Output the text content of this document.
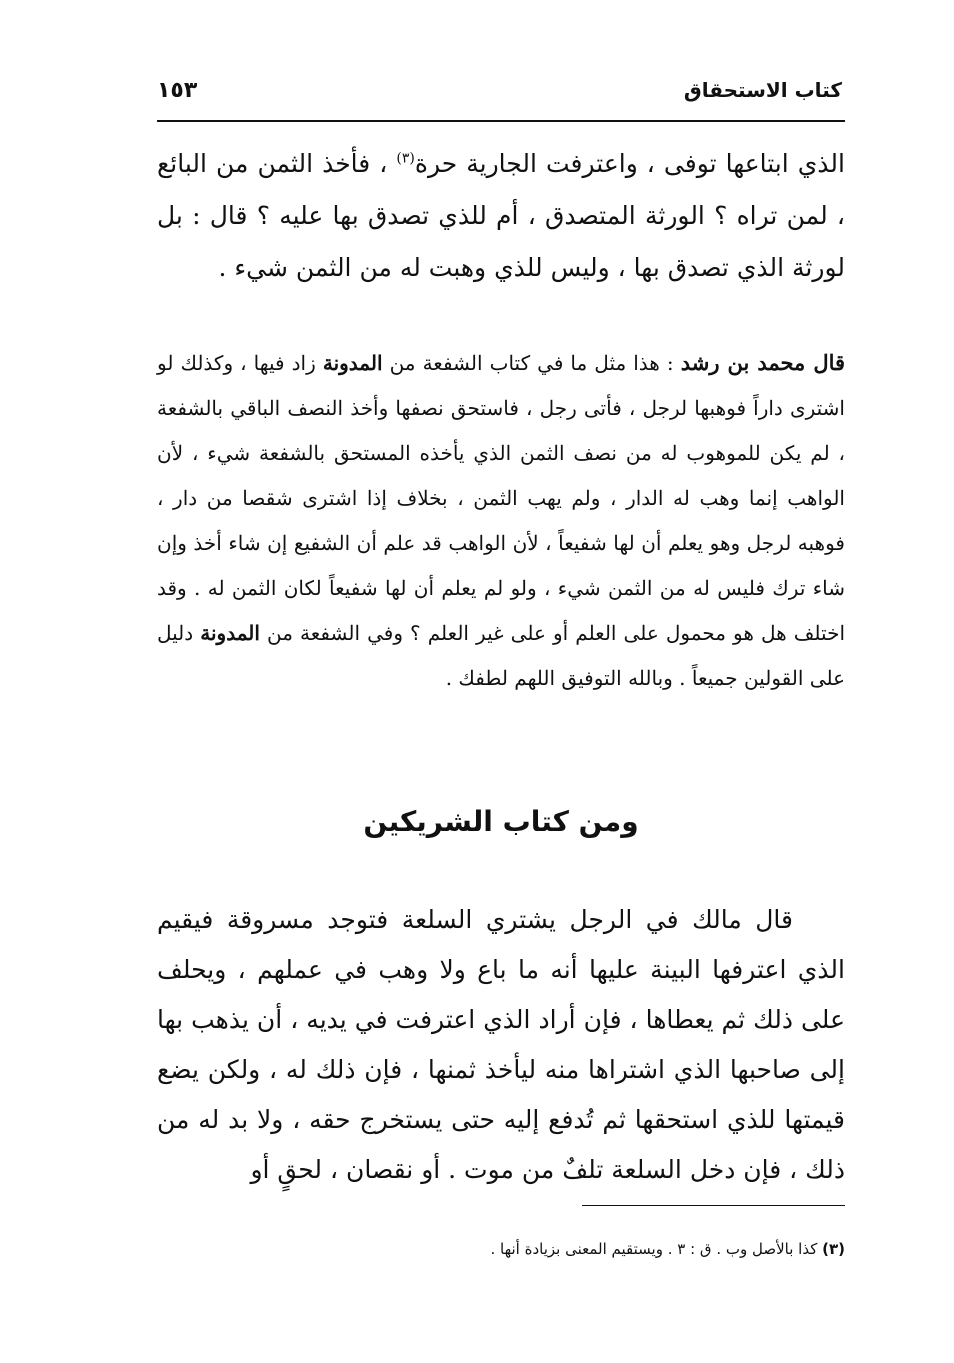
كتاب الاستحقاق
١٥٣

الذي ابتاعها توفى ، واعترفت الجارية حرة$^{(٣)}$ ، فأخذ الثمن من البائع ، لمن تراه ؟ الورثة المتصدق ، أم للذي تصدق بها عليه ؟ قال : بل لورثة الذي تصدق بها ، وليس للذي وهبت له من الثمن شيء .

قال محمد بن رشد : هذا مثل ما في كتاب الشفعة من المدونة زاد فيها ، وكذلك لو اشترى داراً فوهبها لرجل ، فأتى رجل ، فاستحق نصفها وأخذ النصف الباقي بالشفعة ، لم يكن للموهوب له من نصف الثمن الذي يأخذه المستحق بالشفعة شيء ، لأن الواهب إنما وهب له الدار ، ولم يهب الثمن ، بخلاف إذا اشترى شقصا من دار ، فوهبه لرجل وهو يعلم أن لها شفيعاً ، لأن الواهب قد علم أن الشفيع إن شاء أخذ وإن شاء ترك فليس له من الثمن شيء ، ولو لم يعلم أن لها شفيعاً لكان الثمن له . وقد اختلف هل هو محمول على العلم أو على غير العلم ؟ وفي الشفعة من المدونة دليل على القولين جميعاً . وبالله التوفيق اللهم لطفك .

ومن كتاب الشريكين

قال مالك في الرجل يشتري السلعة فتوجد مسروقة فيقيم الذي اعترفها البينة عليها أنه ما باع ولا وهب في عملهم ، ويحلف على ذلك ثم يعطاها ، فإن أراد الذي اعترفت في يديه ، أن يذهب بها إلى صاحبها الذي اشتراها منه ليأخذ ثمنها ، فإن ذلك له ، ولكن يضع قيمتها للذي استحقها ثم تُدفع إليه حتى يستخرج حقه ، ولا بد له من ذلك ، فإن دخل السلعة تلفٌ من موت . أو نقصان ، لحقٍ أو

(٣) كذا بالأصل وب . ق : ٣ . ويستقيم المعنى بزيادة أنها .
